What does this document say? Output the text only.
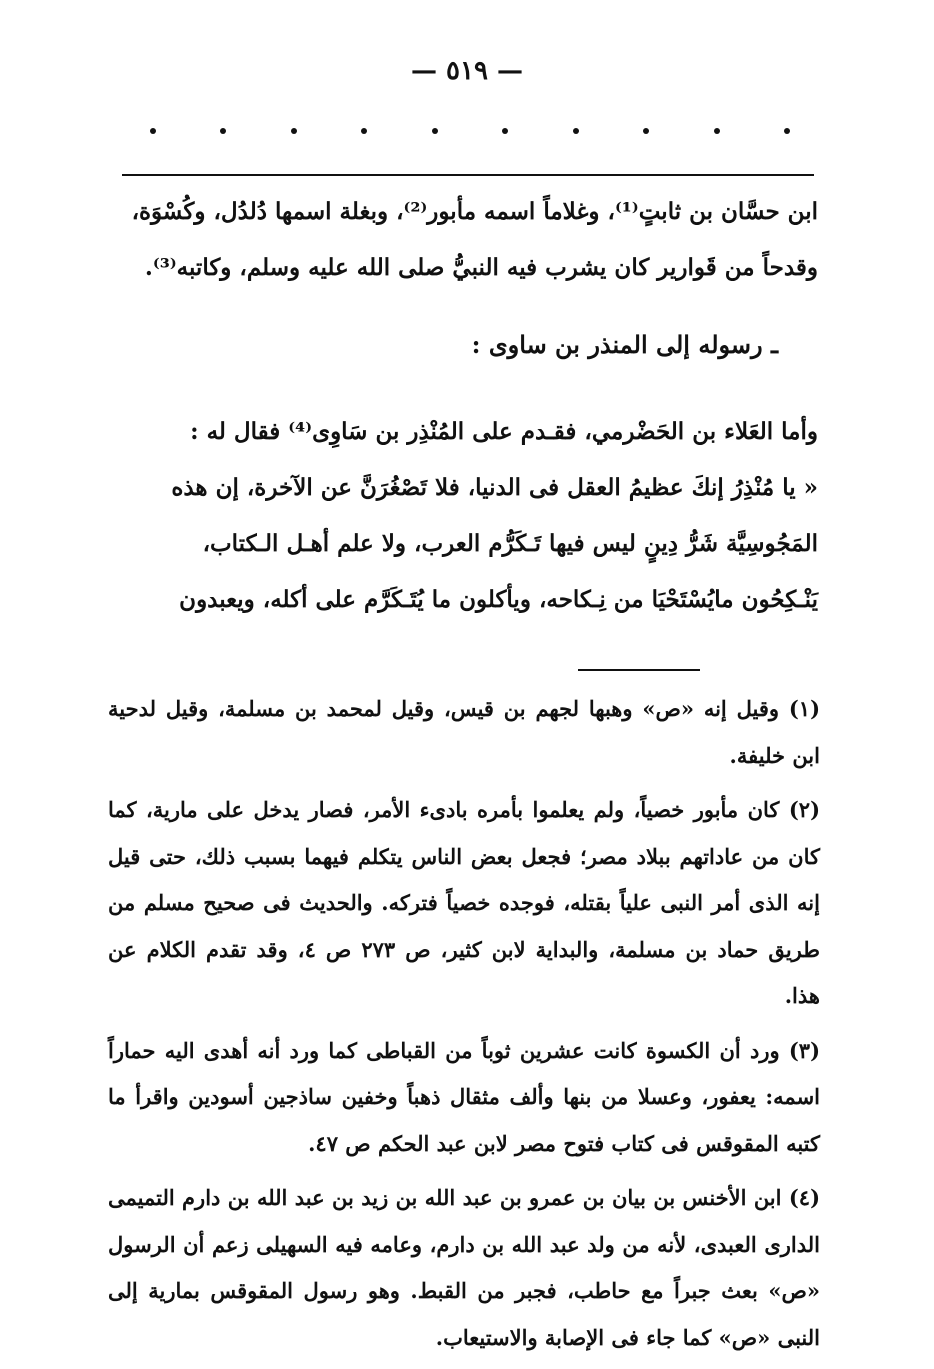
— ٥١٩ —

ابن حسَّان بن ثابتٍ⁽¹⁾، وغلاماً اسمه مأبور⁽²⁾، وبغلة اسمها دُلدُل، وكُسْوَة،

وقدحاً من قَوارير كان يشرب فيه النبيُّ صلى الله عليه وسلم، وكاتبه⁽³⁾.

ـ رسوله إلى المنذر بن ساوى :

وأما العَلاء بن الحَضْرمي، فقـدم على المُنْذِر بن سَاوِى⁽⁴⁾ فقال له :

« يا مُنْذِرُ إنكَ عظيمُ العقل فى الدنيا، فلا تَصْغُرَنَّ عن الآخرة، إن هذه

المَجُوسِيَّة شَرُّ دِينٍ ليس فيها تَـكَرُّم العرب، ولا علم أهـل الـكتاب،

يَنْـكِحُون مايُسْتَحْيَا من نِـكاحه، ويأكلون ما يُتَـكَرَّم على أكله، ويعبدون

(١) وقيل إنه «ص» وهبها لجهم بن قيس، وقيل لمحمد بن مسلمة، وقيل لدحية ابن خليفة.

(٢) كان مأبور خصياً، ولم يعلموا بأمره بادىء الأمر، فصار يدخل على مارية، كما كان من عاداتهم ببلاد مصر؛ فجعل بعض الناس يتكلم فيهما بسبب ذلك، حتى قيل إنه الذى أمر النبى علياً بقتله، فوجده خصياً فتركه. والحديث فى صحيح مسلم من طريق حماد بن مسلمة، والبداية لابن كثير، ص ٢٧٣ ص ٤، وقد تقدم الكلام عن هذا.

(٣) ورد أن الكسوة كانت عشرين ثوباً من القباطى كما ورد أنه أهدى اليه حماراً اسمه: يعفور، وعسلا من بنها وألف مثقال ذهباً وخفين ساذجين أسودين واقرأ ما كتبه المقوقس فى كتاب فتوح مصر لابن عبد الحكم ص ٤٧.

(٤) ابن الأخنس بن بيان بن عمرو بن عبد الله بن زيد بن عبد الله بن دارم التميمى الدارى العبدى، لأنه من ولد عبد الله بن دارم، وعامه فيه السهيلى زعم أن الرسول «ص» بعث جبراً مع حاطب، فجبر من القبط. وهو رسول المقوقس بمارية إلى النبى «ص» كما جاء فى الإصابة والاستيعاب.
